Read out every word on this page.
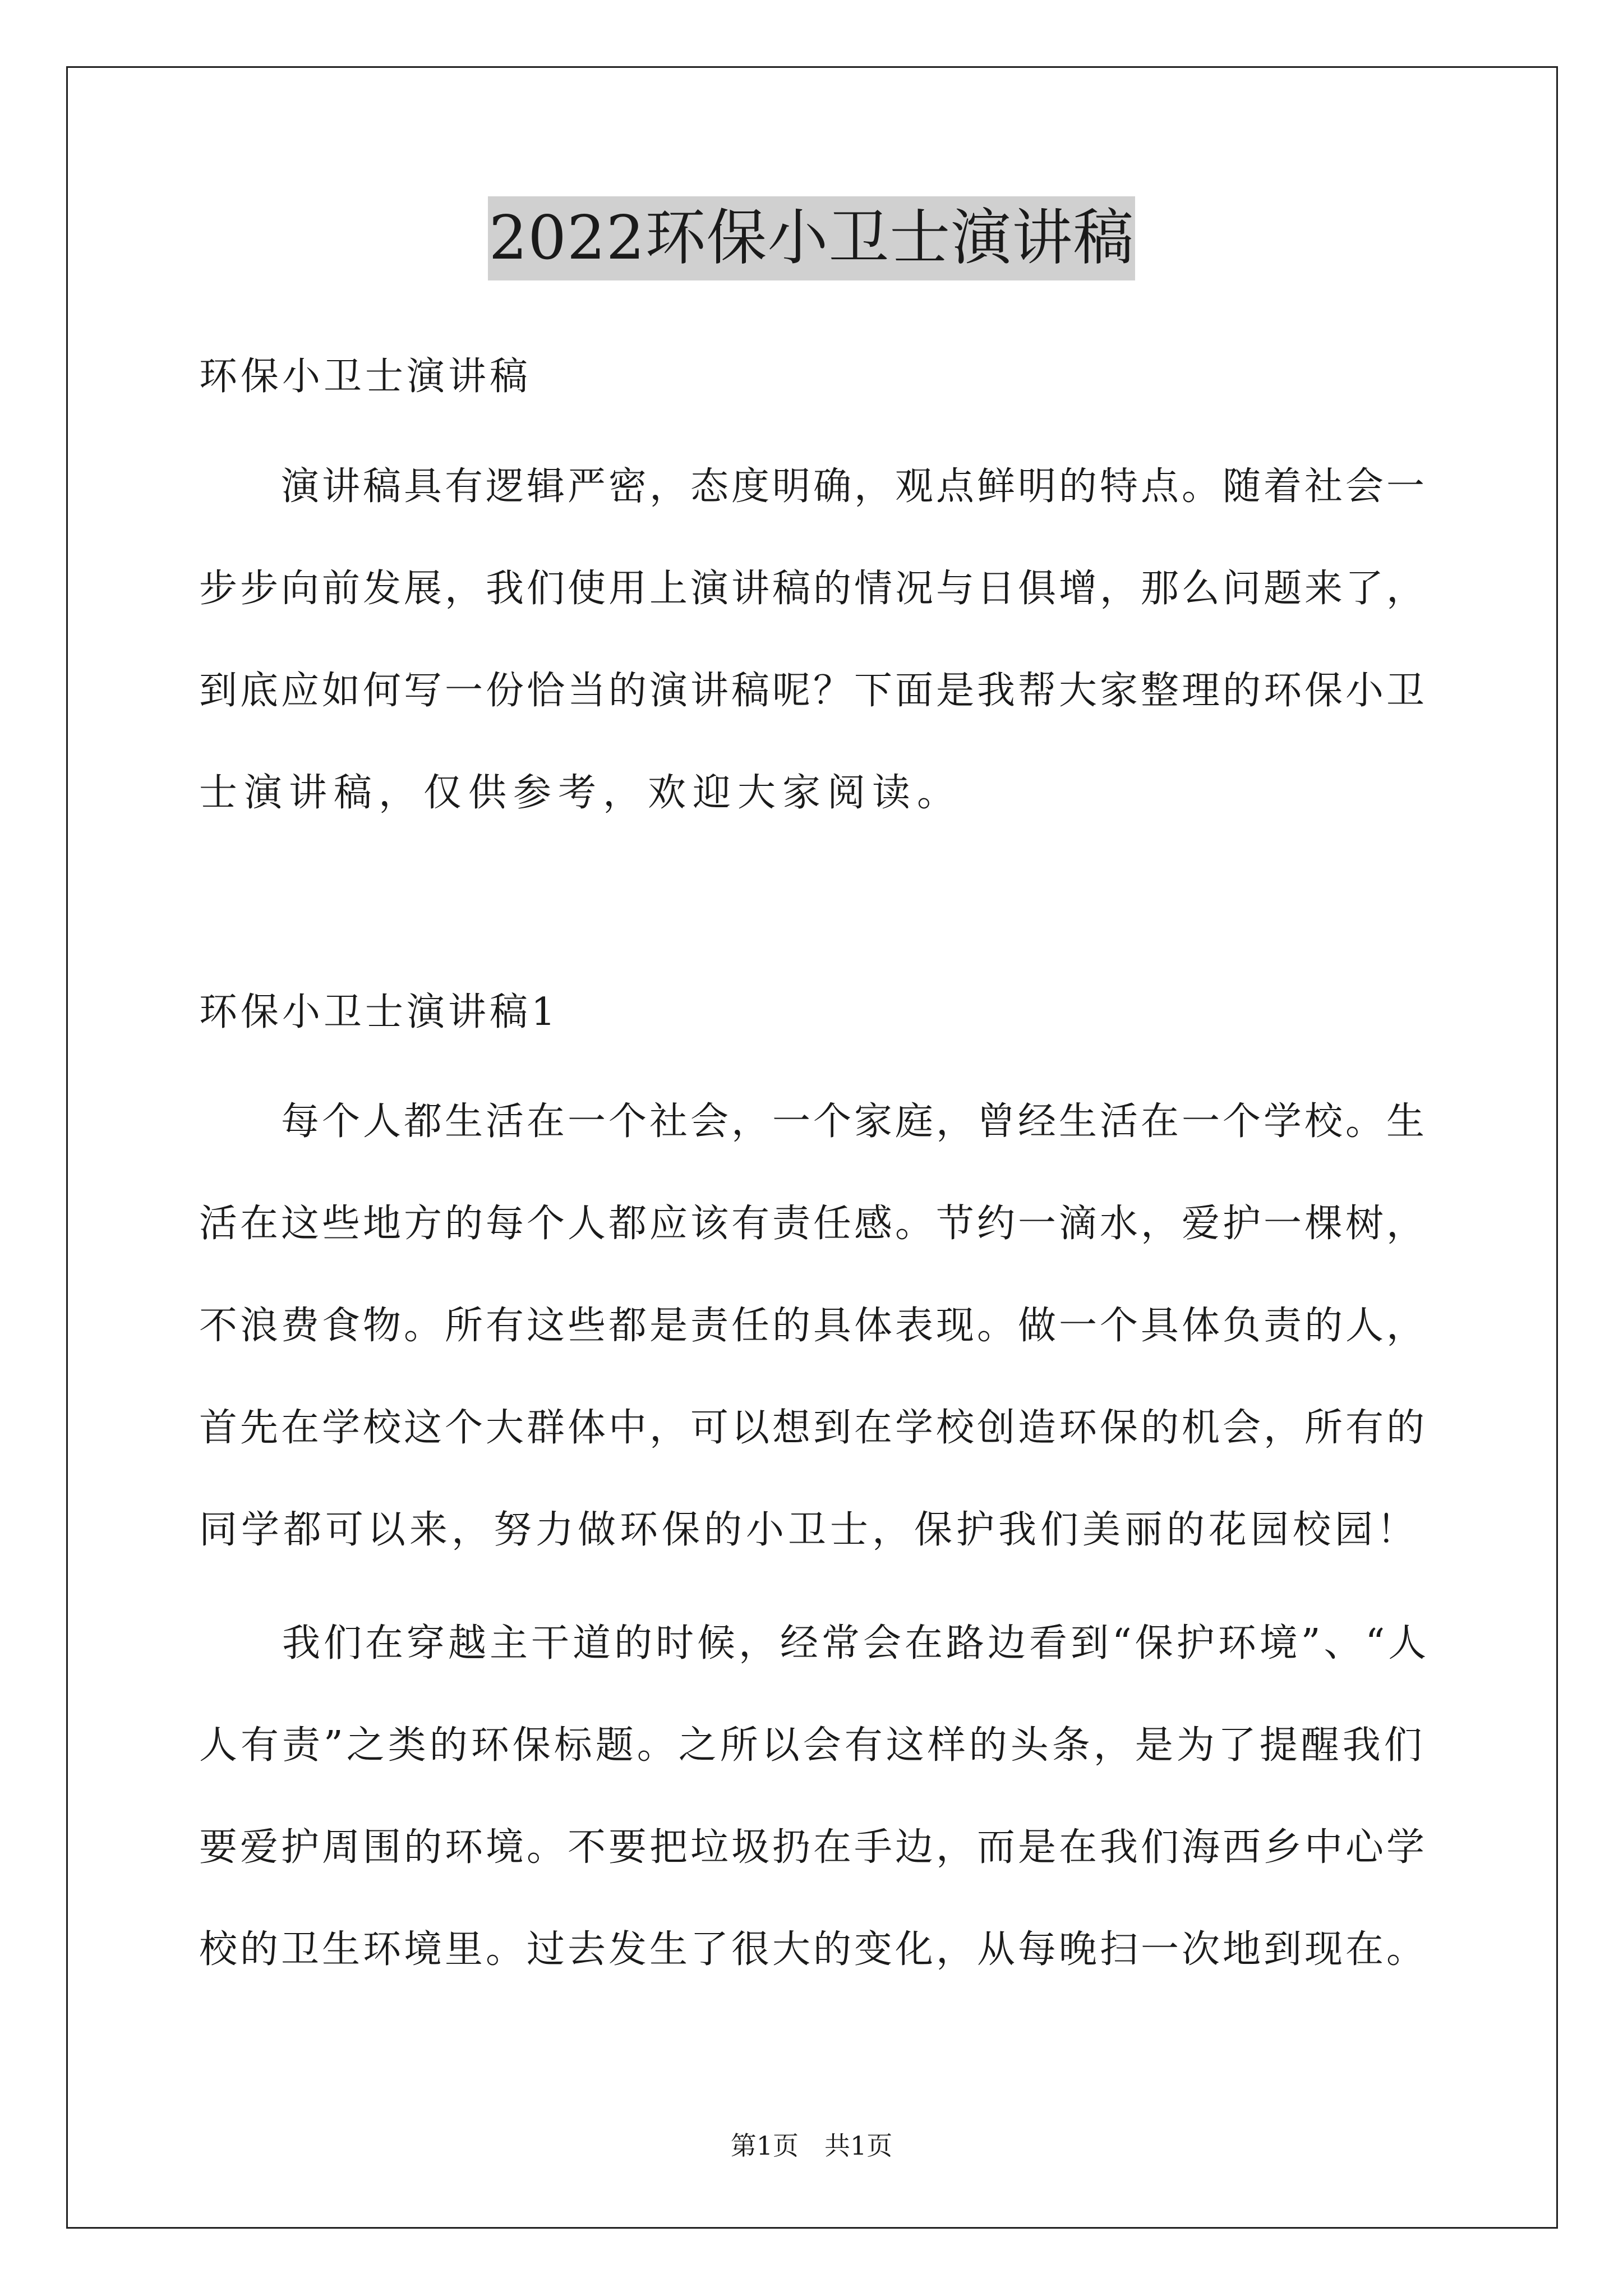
2022环保小卫士演讲稿
环保小卫士演讲稿
　　演讲稿具有逻辑严密，态度明确，观点鲜明的特点。随着社会一
步步向前发展，我们使用上演讲稿的情况与日俱增，那么问题来了，
到底应如何写一份恰当的演讲稿呢？下面是我帮大家整理的环保小卫
士演讲稿，仅供参考，欢迎大家阅读。
环保小卫士演讲稿1
　　每个人都生活在一个社会，一个家庭，曾经生活在一个学校。生
活在这些地方的每个人都应该有责任感。节约一滴水，爱护一棵树，
不浪费食物。所有这些都是责任的具体表现。做一个具体负责的人，
首先在学校这个大群体中，可以想到在学校创造环保的机会，所有的
同学都可以来，努力做环保的小卫士，保护我们美丽的花园校园！
　　我们在穿越主干道的时候，经常会在路边看到“保护环境”、“人
人有责”之类的环保标题。之所以会有这样的头条，是为了提醒我们
要爱护周围的环境。不要把垃圾扔在手边，而是在我们海西乡中心学
校的卫生环境里。过去发生了很大的变化，从每晚扫一次地到现在。
第1页　共1页
